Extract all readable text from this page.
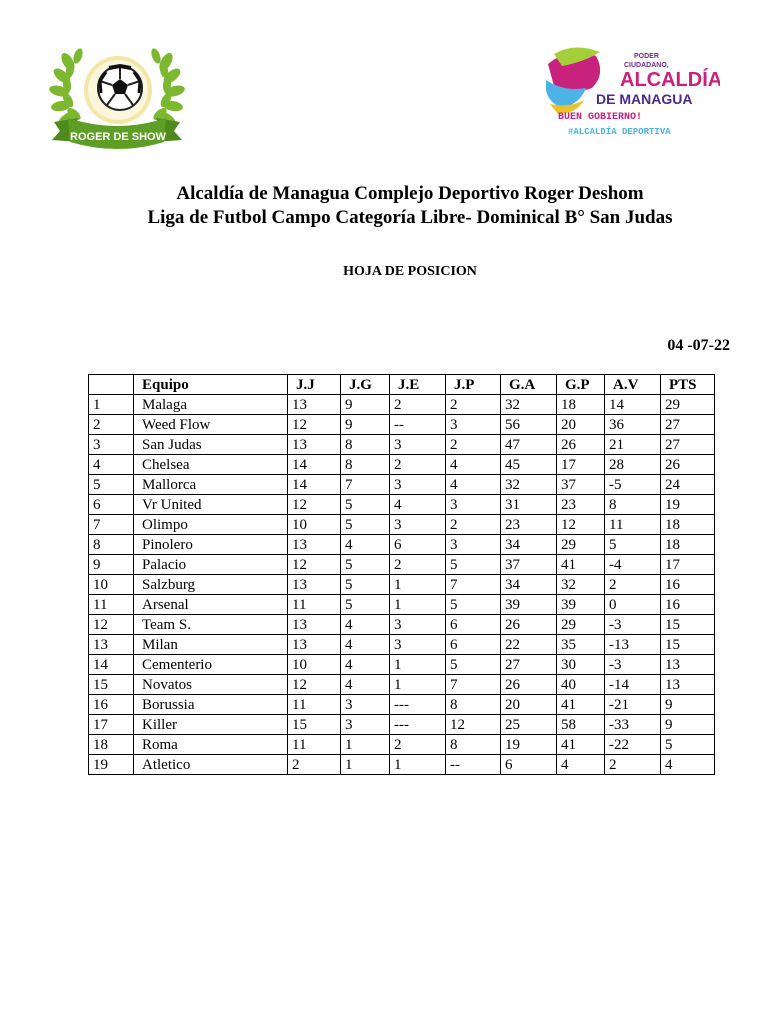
ROGER DE SHOW
PODER
CIUDADANO,
ALCALDÍA
DE MANAGUA
BUEN GOBIERNO!
#ALCALDÍA DEPORTIVA
Alcaldía de Managua Complejo Deportivo Roger Deshom
Liga de Futbol Campo Categoría Libre- Dominical B° San Judas
HOJA DE POSICION
04 -07-22
	Equipo	J.J	J.G	J.E	J.P	G.A	G.P	A.V	PTS
1	Malaga	13	9	2	2	32	18	14	29
2	Weed Flow	12	9	--	3	56	20	36	27
3	San Judas	13	8	3	2	47	26	21	27
4	Chelsea	14	8	2	4	45	17	28	26
5	Mallorca	14	7	3	4	32	37	-5	24
6	Vr United	12	5	4	3	31	23	8	19
7	Olimpo	10	5	3	2	23	12	11	18
8	Pinolero	13	4	6	3	34	29	5	18
9	Palacio	12	5	2	5	37	41	-4	17
10	Salzburg	13	5	1	7	34	32	2	16
11	Arsenal	11	5	1	5	39	39	0	16
12	Team S.	13	4	3	6	26	29	-3	15
13	Milan	13	4	3	6	22	35	-13	15
14	Cementerio	10	4	1	5	27	30	-3	13
15	Novatos	12	4	1	7	26	40	-14	13
16	Borussia	11	3	---	8	20	41	-21	9
17	Killer	15	3	---	12	25	58	-33	9
18	Roma	11	1	2	8	19	41	-22	5
19	Atletico	2	1	1	--	6	4	2	4
